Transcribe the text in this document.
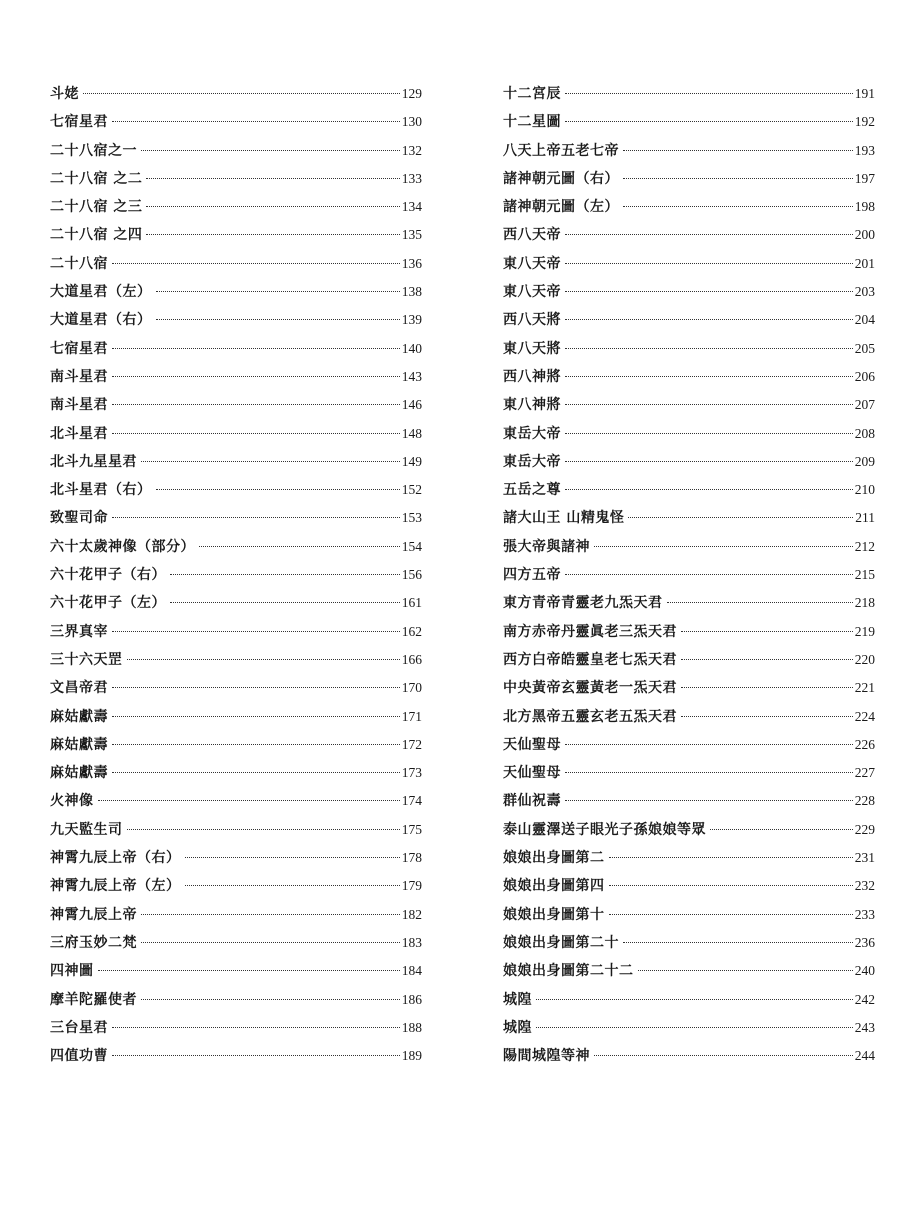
斗姥	129
七宿星君	130
二十八宿之一	132
二十八宿 之二	133
二十八宿 之三	134
二十八宿 之四	135
二十八宿	136
大道星君（左）	138
大道星君（右）	139
七宿星君	140
南斗星君	143
南斗星君	146
北斗星君	148
北斗九星星君	149
北斗星君（右）	152
致聖司命	153
六十太歲神像（部分）	154
六十花甲子（右）	156
六十花甲子（左）	161
三界真宰	162
三十六天罡	166
文昌帝君	170
麻姑獻壽	171
麻姑獻壽	172
麻姑獻壽	173
火神像	174
九天監生司	175
神霄九辰上帝（右）	178
神霄九辰上帝（左）	179
神霄九辰上帝	182
三府玉妙二梵	183
四神圖	184
摩羊陀羅使者	186
三台星君	188
四值功曹	189
十二宮辰	191
十二星圖	192
八天上帝五老七帝	193
諸神朝元圖（右）	197
諸神朝元圖（左）	198
西八天帝	200
東八天帝	201
東八天帝	203
西八天將	204
東八天將	205
西八神將	206
東八神將	207
東岳大帝	208
東岳大帝	209
五岳之尊	210
諸大山王 山精鬼怪	211
張大帝與諸神	212
四方五帝	215
東方青帝青靈老九炁天君	218
南方赤帝丹靈眞老三炁天君	219
西方白帝皓靈皇老七炁天君	220
中央黃帝玄靈黃老一炁天君	221
北方黑帝五靈玄老五炁天君	224
天仙聖母	226
天仙聖母	227
群仙祝壽	228
泰山靈澤送子眼光子孫娘娘等眾	229
娘娘出身圖第二	231
娘娘出身圖第四	232
娘娘出身圖第十	233
娘娘出身圖第二十	236
娘娘出身圖第二十二	240
城隍	242
城隍	243
陽間城隍等神	244
